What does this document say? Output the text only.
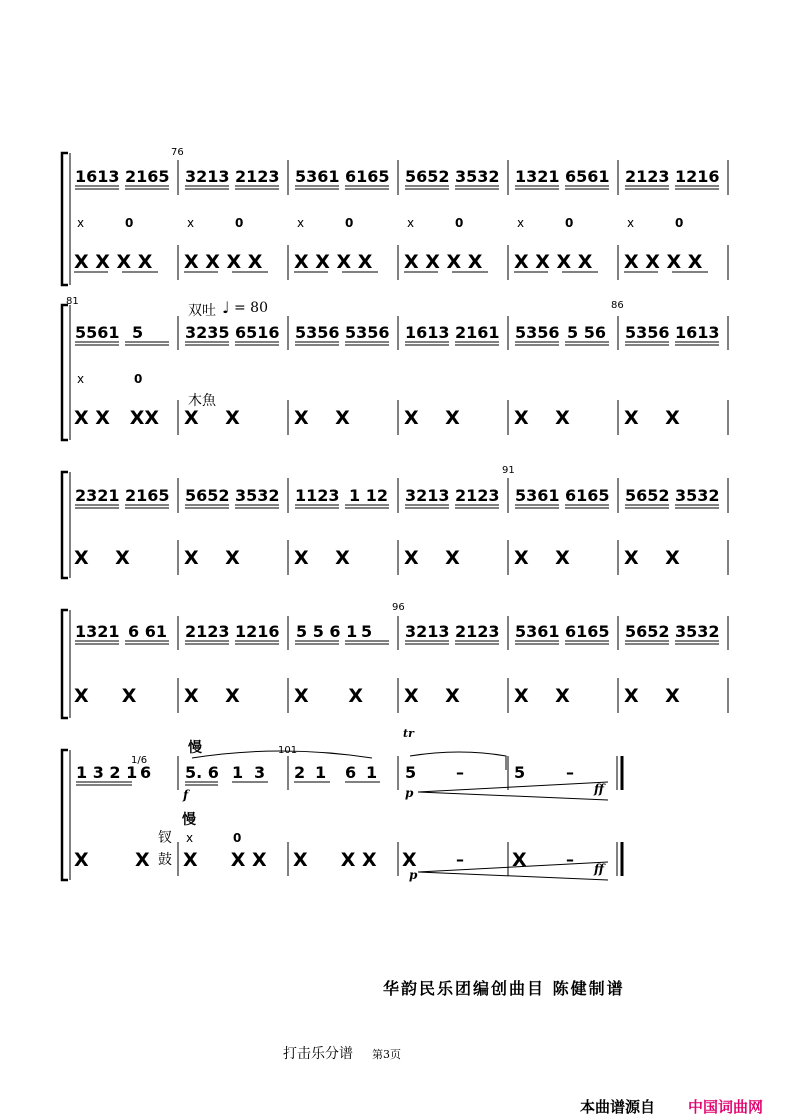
76
81	86
91
96
101
1613 2165 3213 2123 5361 6165 5652 3532 1321 6561 2123 1216
x	0	x	0	x	0	x	0	x	0	x	0
X X X X X X X X X X X X X X X X X X X X X X X X
5561 5	3235 6516 5356 5356 1613 2161 5356 5 56 5356 1613
双吐 ♩ = 80
木魚
x	0
X X   XX X    X	X    X	X    X	X    X	X    X
2321 2165 5652 3532 1123 1 12 3213 2123 5361 6165 5652 3532
X    X	X    X	X    X	X    X	X    X	X    X
1321 6 61 2123 1216 5 5 6 1 5 3213 2123 5361 6165 5652 3532
X     X	X    X	X      X X    X	X    X	X    X
1 3 2 1
1/6
6 5. 6 1 3 2 1 6 1 5 –	5	–
慢
慢
tr
f	p	ff
p	ff
钗
鼓
x	0
X       X X     X X X     X X X –	X –
华韵民乐团编创曲目 陈健制谱
打击乐分谱 第3页
本曲谱源自 中国词曲网
